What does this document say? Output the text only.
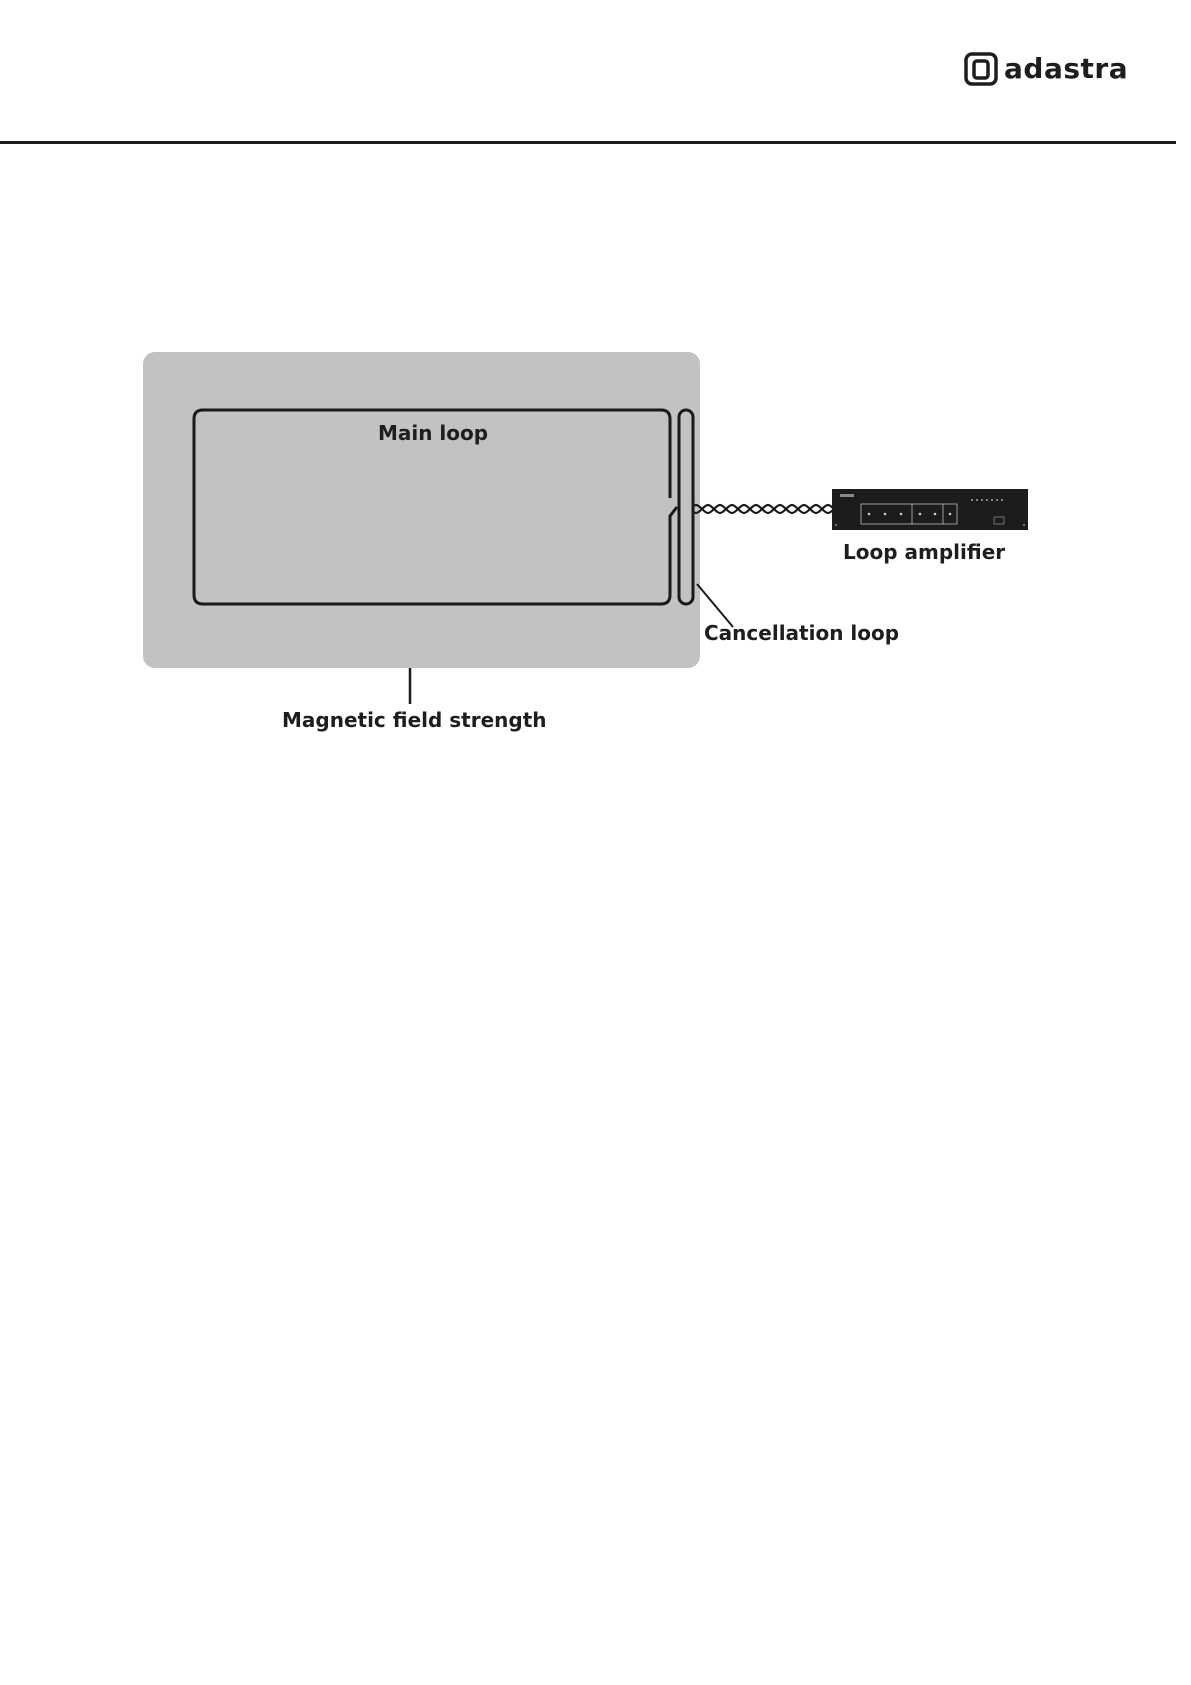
adastra
Main loop
Loop amplifier
Cancellation loop
Magnetic field strength
